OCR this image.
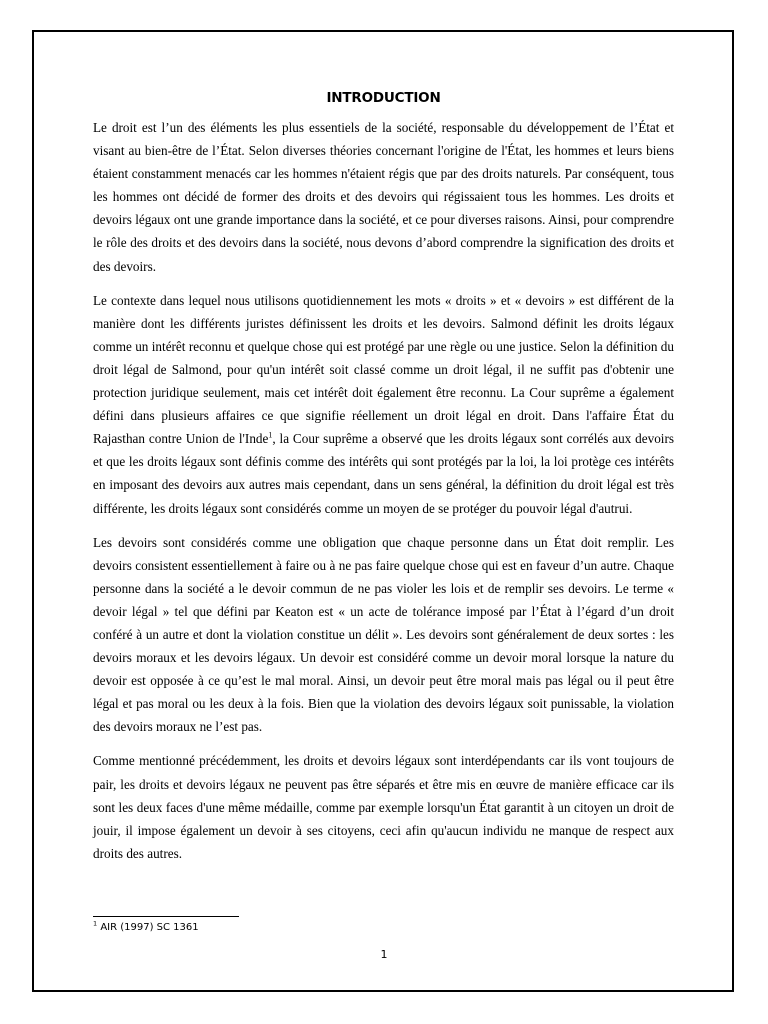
INTRODUCTION

Le droit est l’un des éléments les plus essentiels de la société, responsable du développement de l’État et visant au bien-être de l’État. Selon diverses théories concernant l'origine de l'État, les hommes et leurs biens étaient constamment menacés car les hommes n'étaient régis que par des droits naturels. Par conséquent, tous les hommes ont décidé de former des droits et des devoirs qui régissaient tous les hommes. Les droits et devoirs légaux ont une grande importance dans la société, et ce pour diverses raisons. Ainsi, pour comprendre le rôle des droits et des devoirs dans la société, nous devons d’abord comprendre la signification des droits et des devoirs.

Le contexte dans lequel nous utilisons quotidiennement les mots « droits » et « devoirs » est différent de la manière dont les différents juristes définissent les droits et les devoirs. Salmond définit les droits légaux comme un intérêt reconnu et quelque chose qui est protégé par une règle ou une justice. Selon la définition du droit légal de Salmond, pour qu'un intérêt soit classé comme un droit légal, il ne suffit pas d'obtenir une protection juridique seulement, mais cet intérêt doit également être reconnu. La Cour suprême a également défini dans plusieurs affaires ce que signifie réellement un droit légal en droit. Dans l'affaire État du Rajasthan contre Union de l'Inde$^1$, la Cour suprême a observé que les droits légaux sont corrélés aux devoirs et que les droits légaux sont définis comme des intérêts qui sont protégés par la loi, la loi protège ces intérêts en imposant des devoirs aux autres mais cependant, dans un sens général, la définition du droit légal est très différente, les droits légaux sont considérés comme un moyen de se protéger du pouvoir légal d'autrui.

Les devoirs sont considérés comme une obligation que chaque personne dans un État doit remplir. Les devoirs consistent essentiellement à faire ou à ne pas faire quelque chose qui est en faveur d’un autre. Chaque personne dans la société a le devoir commun de ne pas violer les lois et de remplir ses devoirs. Le terme « devoir légal » tel que défini par Keaton est « un acte de tolérance imposé par l’État à l’égard d’un droit conféré à un autre et dont la violation constitue un délit ». Les devoirs sont généralement de deux sortes : les devoirs moraux et les devoirs légaux. Un devoir est considéré comme un devoir moral lorsque la nature du devoir est opposée à ce qu’est le mal moral. Ainsi, un devoir peut être moral mais pas légal ou il peut être légal et pas moral ou les deux à la fois. Bien que la violation des devoirs légaux soit punissable, la violation des devoirs moraux ne l’est pas.

Comme mentionné précédemment, les droits et devoirs légaux sont interdépendants car ils vont toujours de pair, les droits et devoirs légaux ne peuvent pas être séparés et être mis en œuvre de manière efficace car ils sont les deux faces d'une même médaille, comme par exemple lorsqu'un État garantit à un citoyen un droit de jouir, il impose également un devoir à ses citoyens, ceci afin qu'aucun individu ne manque de respect aux droits des autres.

$^1$ AIR (1997) SC 1361
1
